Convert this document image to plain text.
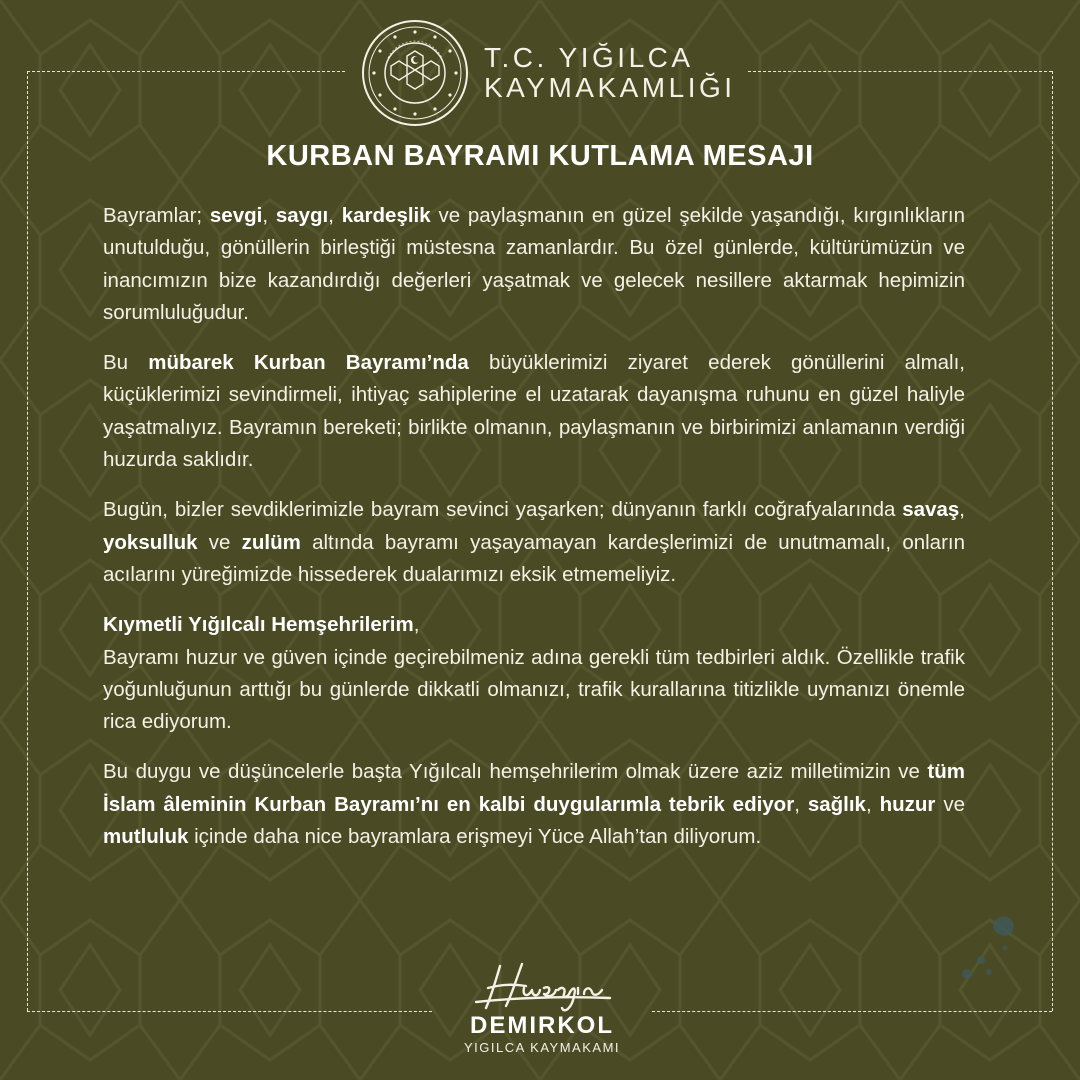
T.C. YIĞILCA
KAYMAKAMLIĞI
KURBAN BAYRAMI KUTLAMA MESAJI
Bayramlar; sevgi, saygı, kardeşlik ve paylaşmanın en güzel şekilde yaşandığı, kırgınlıkların unutulduğu, gönüllerin birleştiği müstesna zamanlardır. Bu özel günlerde, kültürümüzün ve inancımızın bize kazandırdığı değerleri yaşatmak ve gelecek nesillere aktarmak hepimizin sorumluluğudur.
Bu mübarek Kurban Bayramı’nda büyüklerimizi ziyaret ederek gönüllerini almalı, küçüklerimizi sevindirmeli, ihtiyaç sahiplerine el uzatarak dayanışma ruhunu en güzel haliyle yaşatmalıyız. Bayramın bereketi; birlikte olmanın, paylaşmanın ve birbirimizi anlamanın verdiği huzurda saklıdır.
Bugün, bizler sevdiklerimizle bayram sevinci yaşarken; dünyanın farklı coğrafyalarında savaş, yoksulluk ve zulüm altında bayramı yaşayamayan kardeşlerimizi de unutmamalı, onların acılarını yüreğimizde hissederek dualarımızı eksik etmemeliyiz.
Kıymetli Yığılcalı Hemşehrilerim,
Bayramı huzur ve güven içinde geçirebilmeniz adına gerekli tüm tedbirleri aldık. Özellikle trafik yoğunluğunun arttığı bu günlerde dikkatli olmanızı, trafik kurallarına titizlikle uymanızı önemle rica ediyorum.
Bu duygu ve düşüncelerle başta Yığılcalı hemşehrilerim olmak üzere aziz milletimizin ve tüm İslam âleminin Kurban Bayramı’nı en kalbi duygularımla tebrik ediyor, sağlık, huzur ve mutluluk içinde daha nice bayramlara erişmeyi Yüce Allah’tan diliyorum.
DEMIRKOL
YIGILCA KAYMAKAMI
